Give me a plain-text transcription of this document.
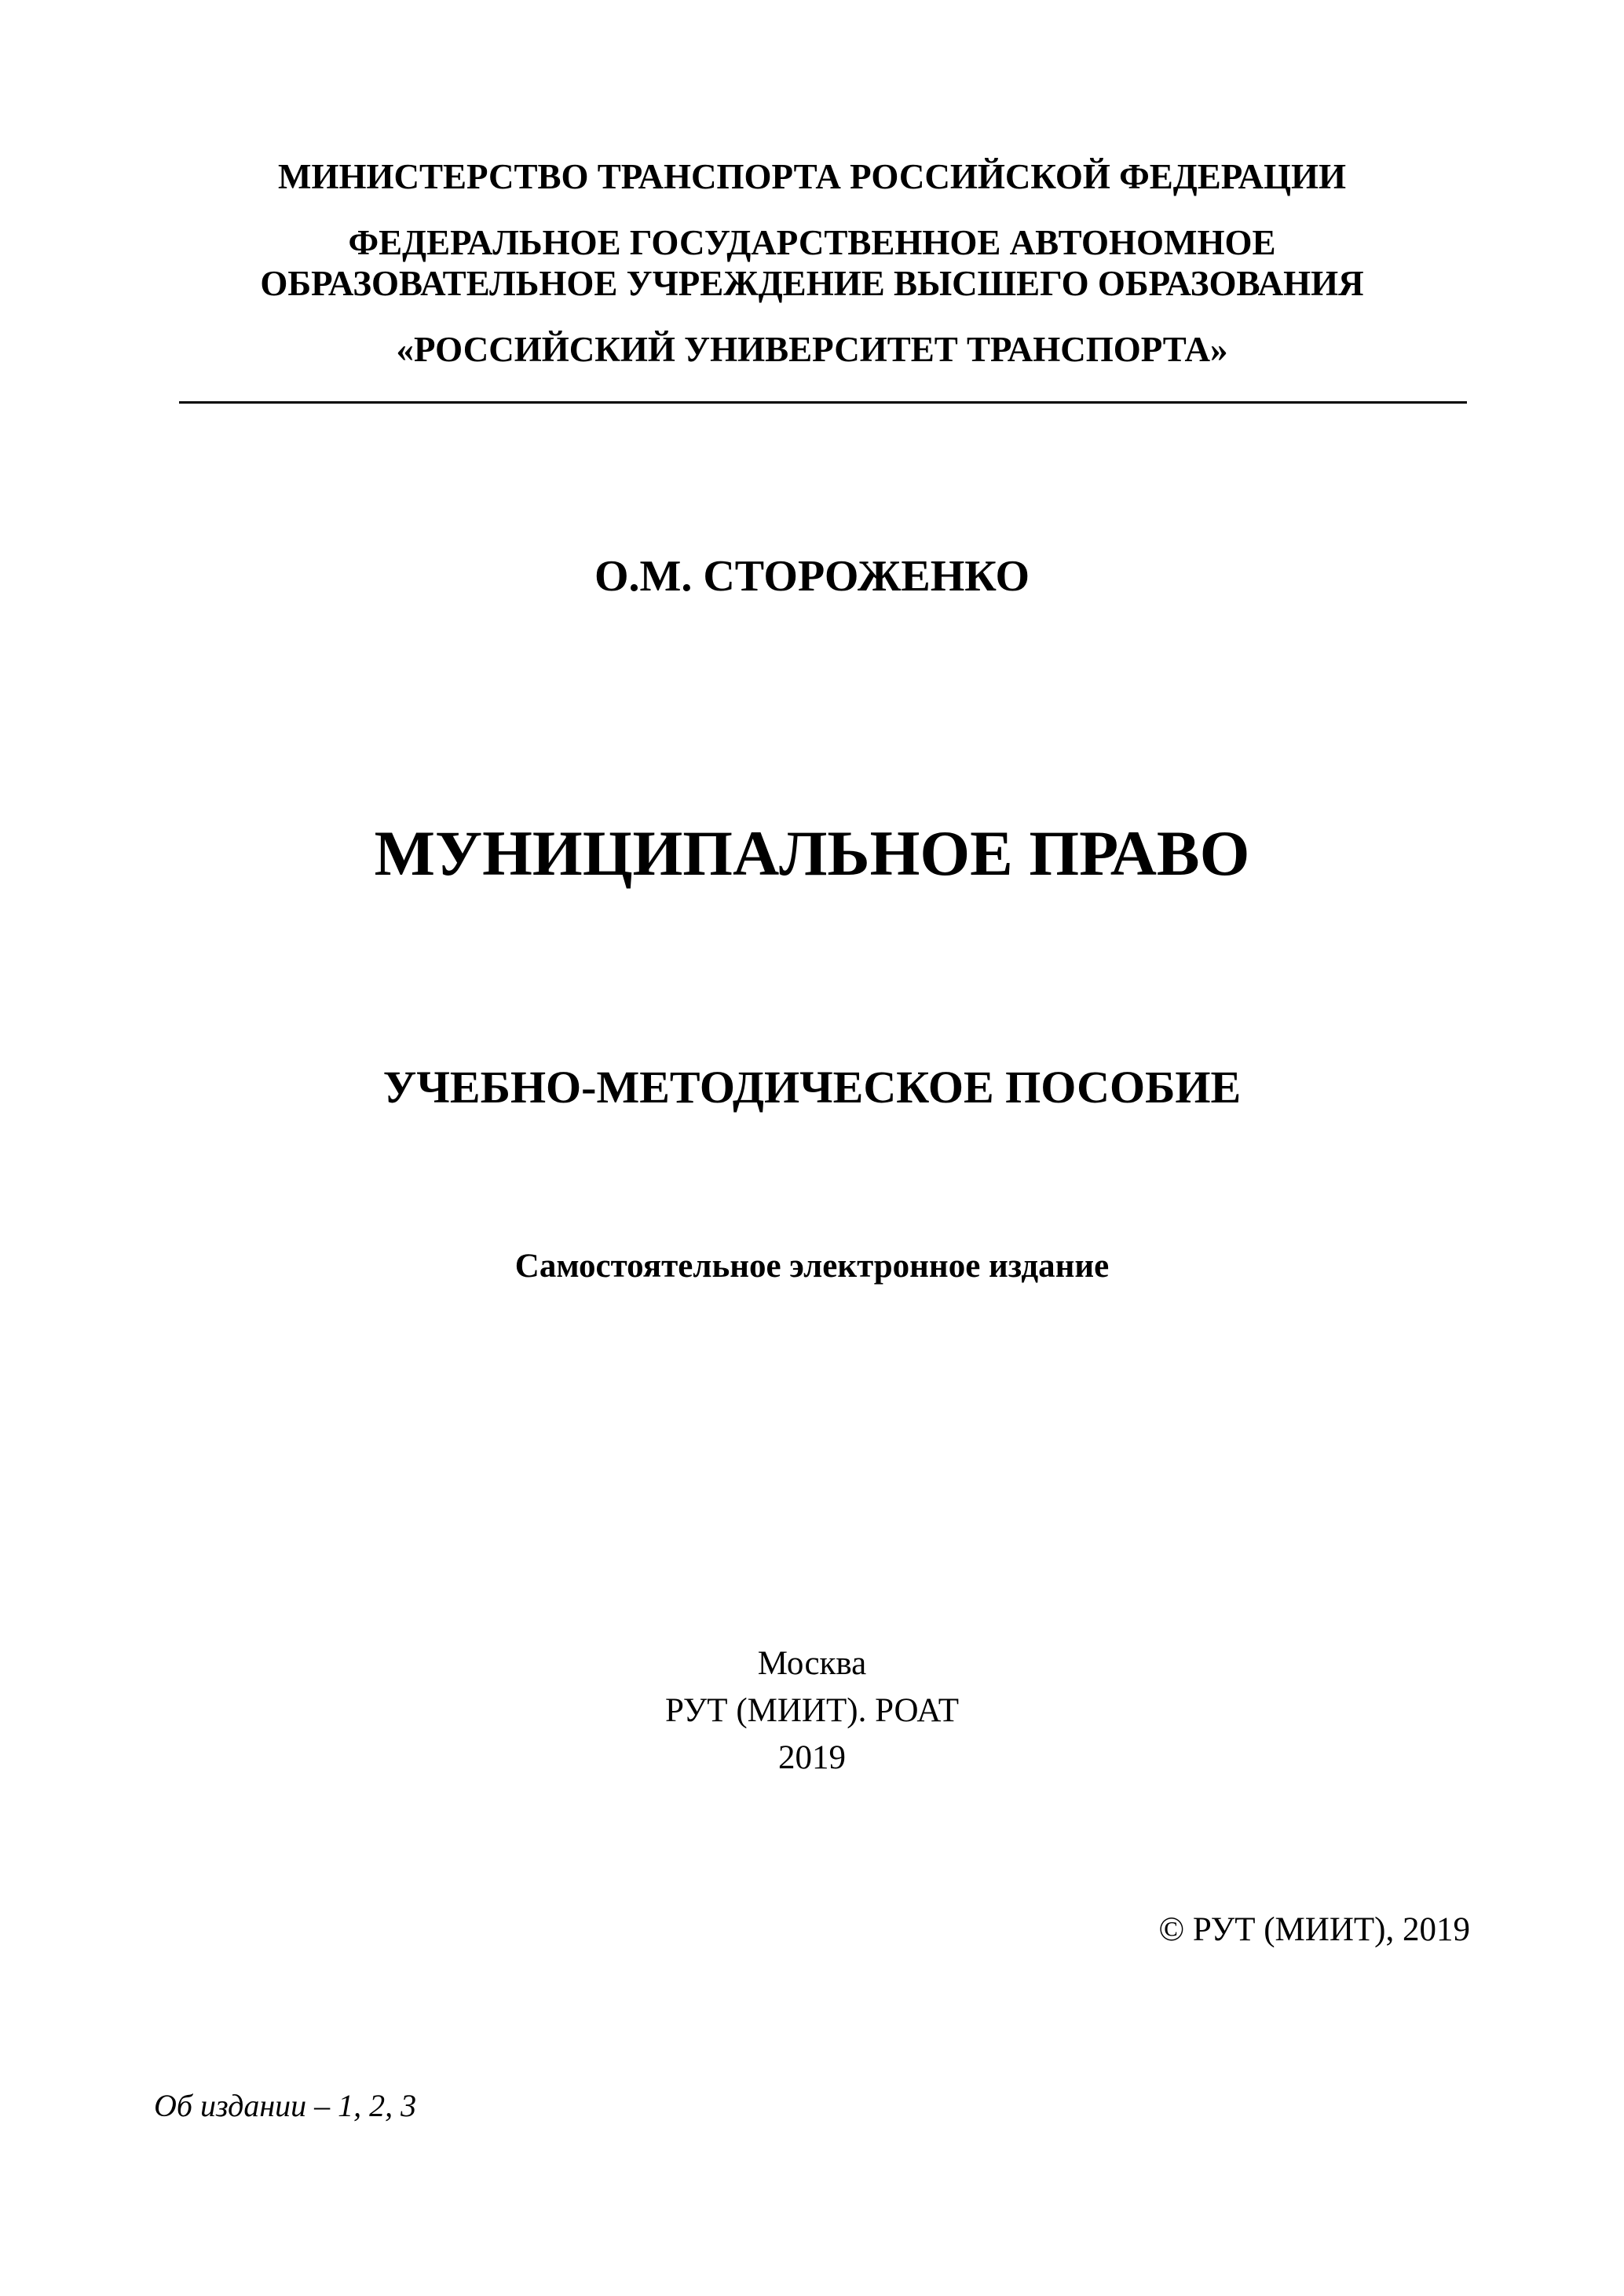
МИНИСТЕРСТВО ТРАНСПОРТА РОССИЙСКОЙ ФЕДЕРАЦИИ
ФЕДЕРАЛЬНОЕ ГОСУДАРСТВЕННОЕ АВТОНОМНОЕ
ОБРАЗОВАТЕЛЬНОЕ УЧРЕЖДЕНИЕ ВЫСШЕГО ОБРАЗОВАНИЯ
«РОССИЙСКИЙ УНИВЕРСИТЕТ ТРАНСПОРТА»
О.М. СТОРОЖЕНКО
МУНИЦИПАЛЬНОЕ ПРАВО
УЧЕБНО-МЕТОДИЧЕСКОЕ ПОСОБИЕ
Самостоятельное электронное издание
Москва
РУТ (МИИТ). РОАТ
2019
© РУТ (МИИТ), 2019
Об издании – 1, 2, 3
